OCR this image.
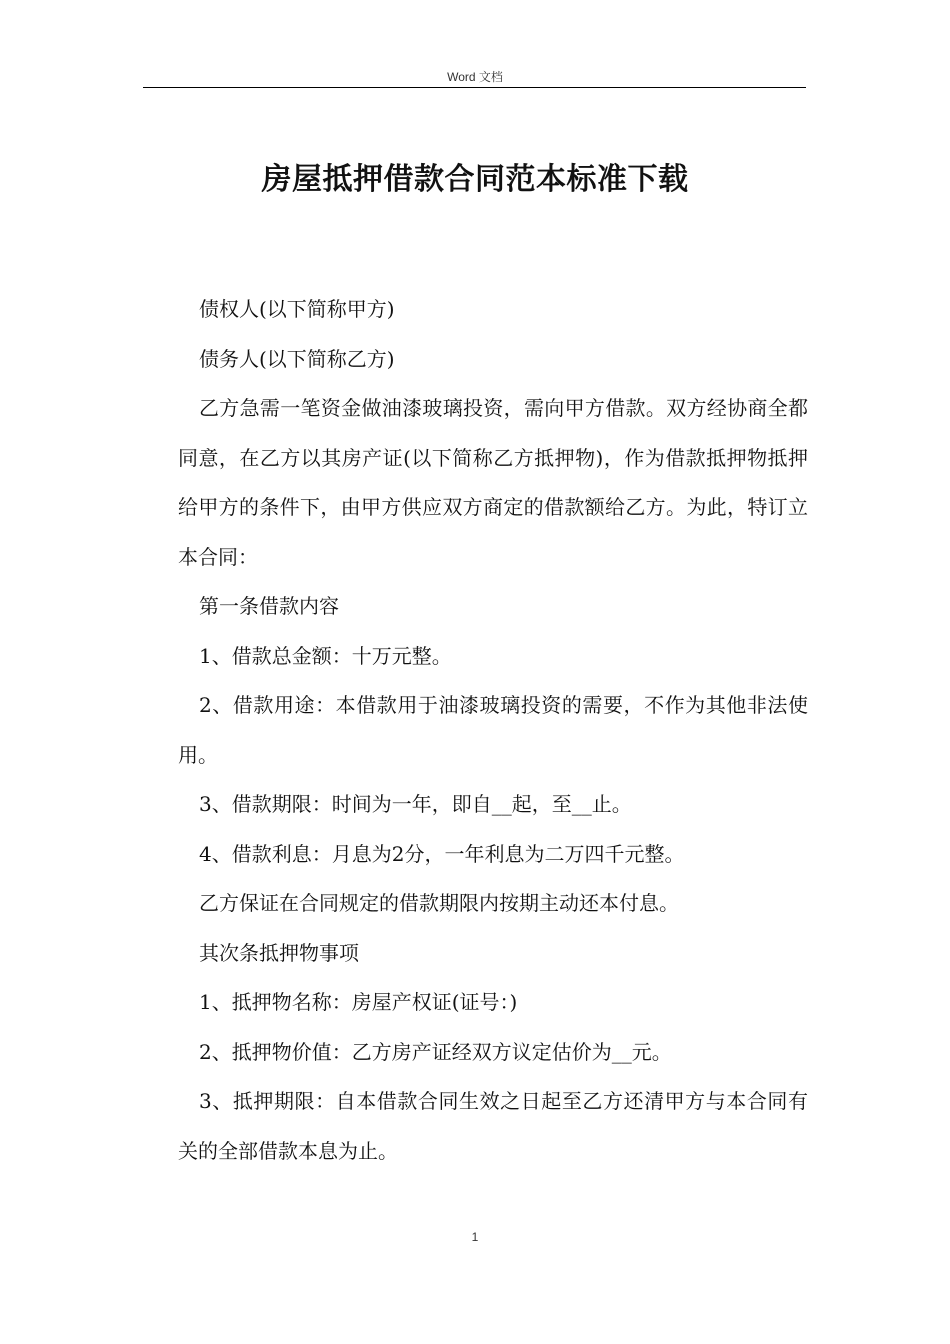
Word 文档
房屋抵押借款合同范本标准下载

债权人(以下简称甲方)

债务人(以下简称乙方)

乙方急需一笔资金做油漆玻璃投资，需向甲方借款。双方经协商全都同意，在乙方以其房产证(以下简称乙方抵押物)，作为借款抵押物抵押给甲方的条件下，由甲方供应双方商定的借款额给乙方。为此，特订立本合同：

第一条借款内容

1、借款总金额：十万元整。

2、借款用途：本借款用于油漆玻璃投资的需要，不作为其他非法使用。

3、借款期限：时间为一年，即自__起，至__止。

4、借款利息：月息为2分，一年利息为二万四千元整。

乙方保证在合同规定的借款期限内按期主动还本付息。

其次条抵押物事项

1、抵押物名称：房屋产权证(证号：)

2、抵押物价值：乙方房产证经双方议定估价为__元。

3、抵押期限：自本借款合同生效之日起至乙方还清甲方与本合同有关的全部借款本息为止。

1
